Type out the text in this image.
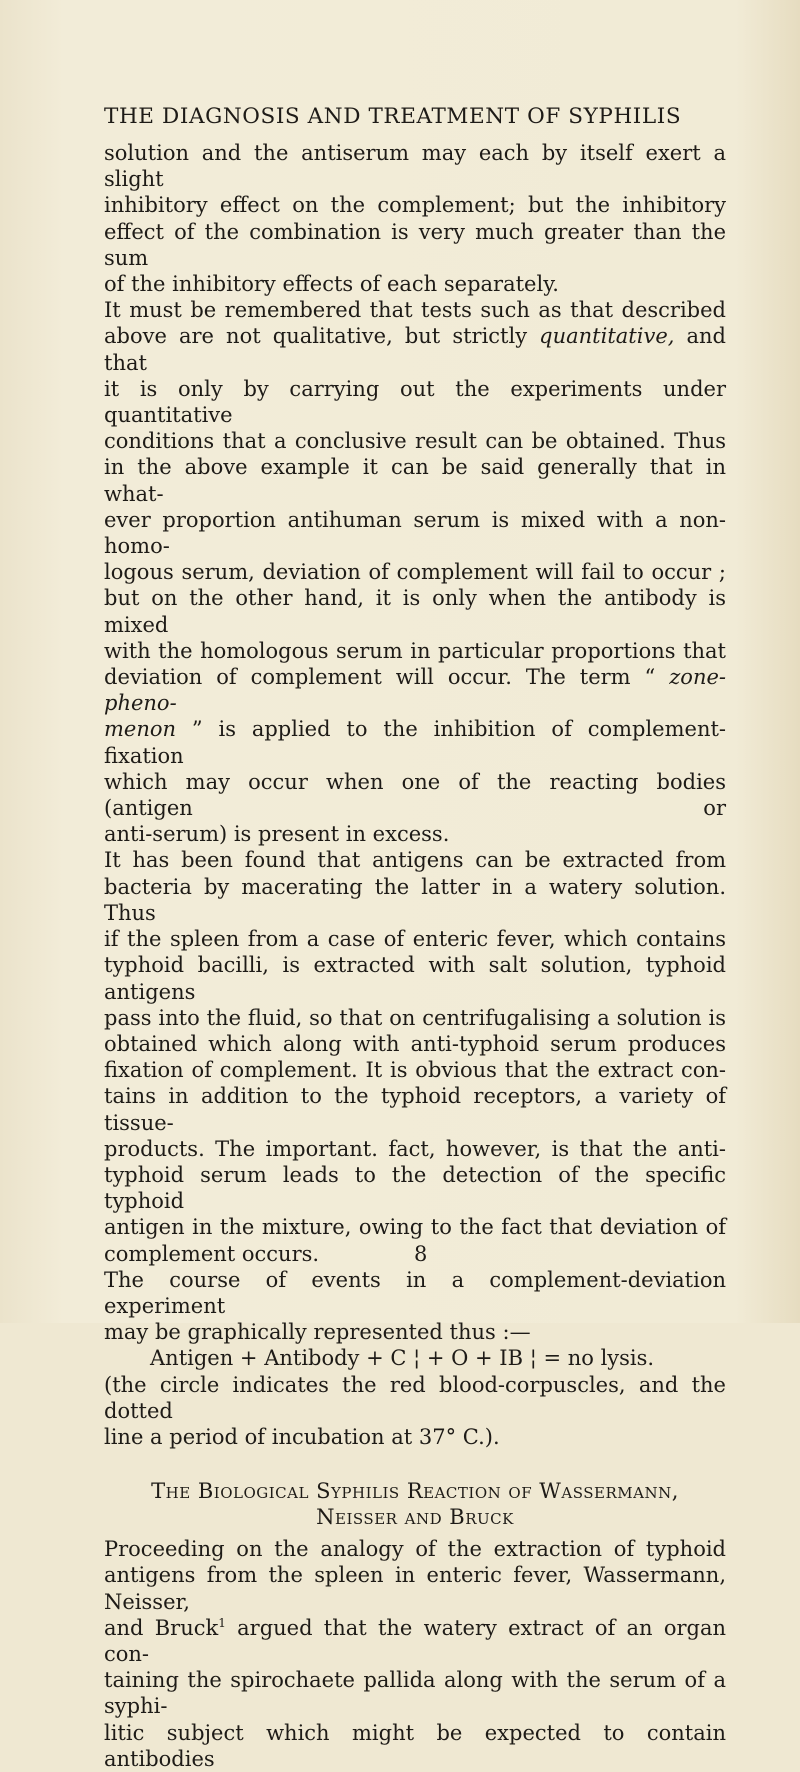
THE DIAGNOSIS AND TREATMENT OF SYPHILIS
solution and the antiserum may each by itself exert a slight
inhibitory effect on the complement; but the inhibitory
effect of the combination is very much greater than the sum
of the inhibitory effects of each separately.
It must be remembered that tests such as that described
above are not qualitative, but strictly quantitative, and that
it is only by carrying out the experiments under quantitative
conditions that a conclusive result can be obtained. Thus
in the above example it can be said generally that in what-
ever proportion antihuman serum is mixed with a non-homo-
logous serum, deviation of complement will fail to occur ;
but on the other hand, it is only when the antibody is mixed
with the homologous serum in particular proportions that
deviation of complement will occur. The term “ zone-pheno-
menon ” is applied to the inhibition of complement-fixation
which may occur when one of the reacting bodies (antigen or
anti-serum) is present in excess.
It has been found that antigens can be extracted from
bacteria by macerating the latter in a watery solution. Thus
if the spleen from a case of enteric fever, which contains
typhoid bacilli, is extracted with salt solution, typhoid antigens
pass into the fluid, so that on centrifugalising a solution is
obtained which along with anti-typhoid serum produces
fixation of complement. It is obvious that the extract con-
tains in addition to the typhoid receptors, a variety of tissue-
products. The important. fact, however, is that the anti-
typhoid serum leads to the detection of the specific typhoid
antigen in the mixture, owing to the fact that deviation of
complement occurs.
The course of events in a complement-deviation experiment
may be graphically represented thus :—
Antigen + Antibody + C ¦ + O + IB ¦ = no lysis.
(the circle indicates the red blood-corpuscles, and the dotted
line a period of incubation at 37° C.).
The Biological Syphilis Reaction of Wassermann,
Neisser and Bruck
Proceeding on the analogy of the extraction of typhoid
antigens from the spleen in enteric fever, Wassermann, Neisser,
and Bruck$^1$ argued that the watery extract of an organ con-
taining the spirochaete pallida along with the serum of a syphi-
litic subject which might be expected to contain antibodies
8
